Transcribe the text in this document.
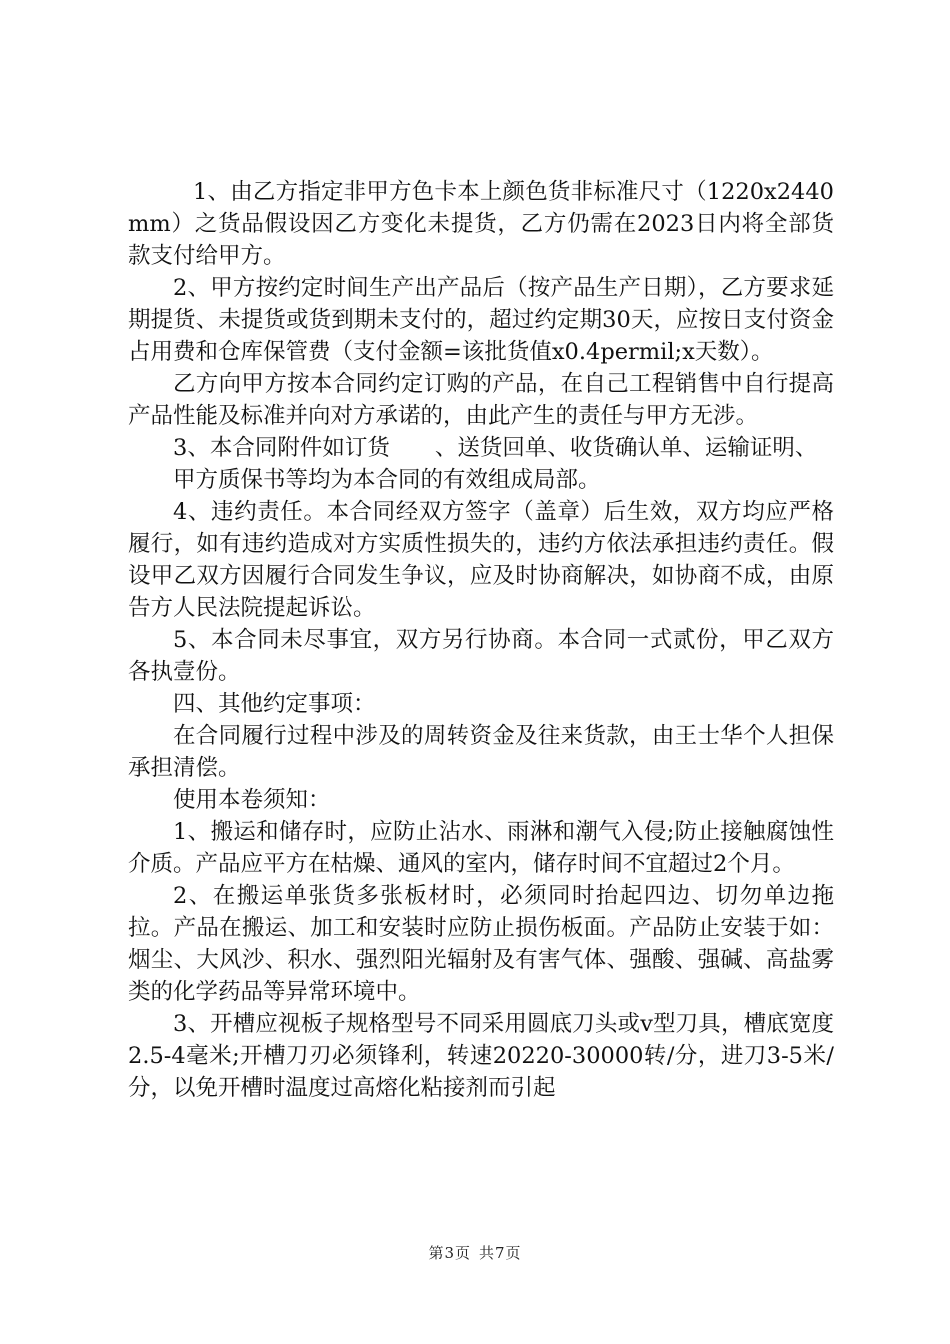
1、由乙方指定非甲方色卡本上颜色货非标准尺寸（1220x2440mm）之货品假设因乙方变化未提货，乙方仍需在2023日内将全部货款支付给甲方。

2、甲方按约定时间生产出产品后（按产品生产日期），乙方要求延期提货、未提货或货到期未支付的，超过约定期30天，应按日支付资金占用费和仓库保管费（支付金额=该批货值x0.4permil;x天数）。

乙方向甲方按本合同约定订购的产品，在自己工程销售中自行提高产品性能及标准并向对方承诺的，由此产生的责任与甲方无涉。

3、本合同附件如订货　　、送货回单、收货确认单、运输证明、

甲方质保书等均为本合同的有效组成局部。

4、违约责任。本合同经双方签字（盖章）后生效，双方均应严格履行，如有违约造成对方实质性损失的，违约方依法承担违约责任。假设甲乙双方因履行合同发生争议，应及时协商解决，如协商不成，由原告方人民法院提起诉讼。

5、本合同未尽事宜，双方另行协商。本合同一式贰份，甲乙双方各执壹份。

四、其他约定事项：

在合同履行过程中涉及的周转资金及往来货款，由王士华个人担保承担清偿。

使用本卷须知：

1、搬运和储存时，应防止沾水、雨淋和潮气入侵;防止接触腐蚀性介质。产品应平方在枯燥、通风的室内，储存时间不宜超过2个月。

2、在搬运单张货多张板材时，必须同时抬起四边、切勿单边拖拉。产品在搬运、加工和安装时应防止损伤板面。产品防止安装于如：烟尘、大风沙、积水、强烈阳光辐射及有害气体、强酸、强碱、高盐雾类的化学药品等异常环境中。

3、开槽应视板子规格型号不同采用圆底刀头或v型刀具，槽底宽度2.5-4毫米;开槽刀刃必须锋利，转速20220-30000转/分，进刀3-5米/分，以免开槽时温度过高熔化粘接剂而引起

第3页 共7页
